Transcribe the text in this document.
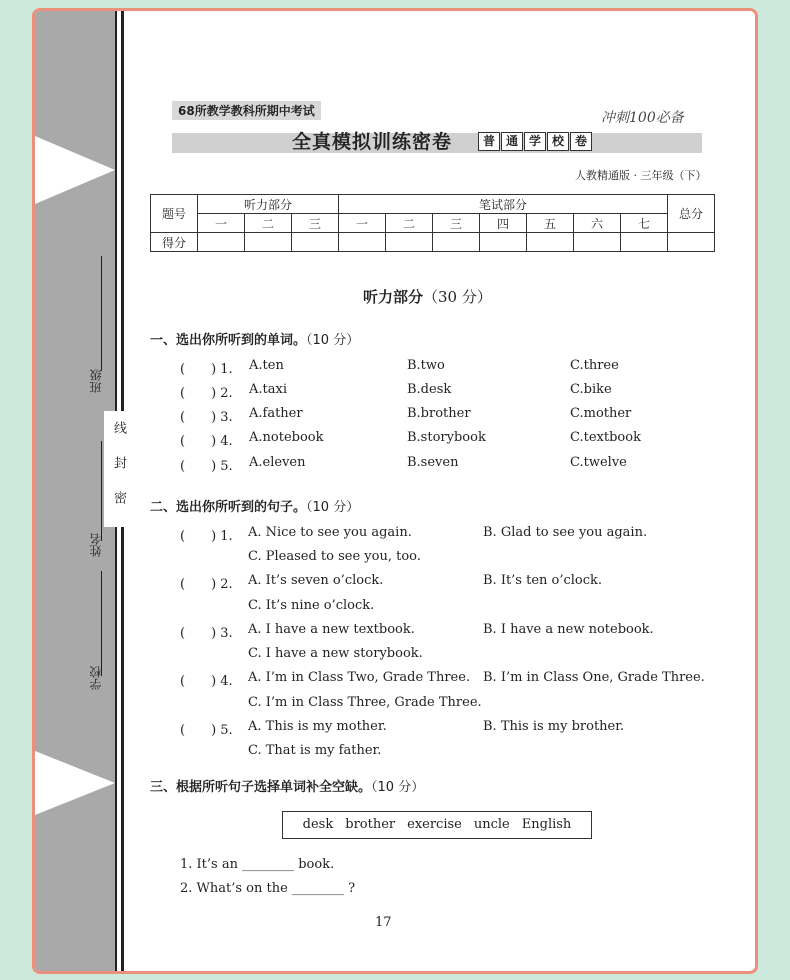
线
封
密
班级
姓名
学校
68所教学教科所期中考试	冲刺100必备
全真模拟训练密卷	普 通 学 校 卷
人教精通版 · 三年级（下）
题号	听力部分			笔试部分							总分
	一	二	三	一	二	三	四	五	六	七	
得分											
听力部分（30 分）
一、选出你所听到的单词。（10 分）
(　　) 1. A.ten	B.two	C.three
(　　) 2. A.taxi	B.desk	C.bike
(　　) 3. A.father	B.brother	C.mother
(　　) 4. A.notebook	B.storybook	C.textbook
(　　) 5. A.eleven	B.seven	C.twelve
二、选出你所听到的句子。（10 分）
(　　) 1. A. Nice to see you again.	B. Glad to see you again.
C. Pleased to see you, too.
(　　) 2. A. It’s seven o’clock.	B. It’s ten o’clock.
C. It’s nine o’clock.
(　　) 3. A. I have a new textbook.	B. I have a new notebook.
C. I have a new storybook.
(　　) 4. A. I’m in Class Two, Grade Three. B. I’m in Class One, Grade Three.
C. I’m in Class Three, Grade Three.
(　　) 5. A. This is my mother.	B. This is my brother.
C. That is my father.
三、根据所听句子选择单词补全空缺。（10 分）
desk brother exercise uncle English
1. It’s an ________ book.
2. What’s on the ________ ?
17
